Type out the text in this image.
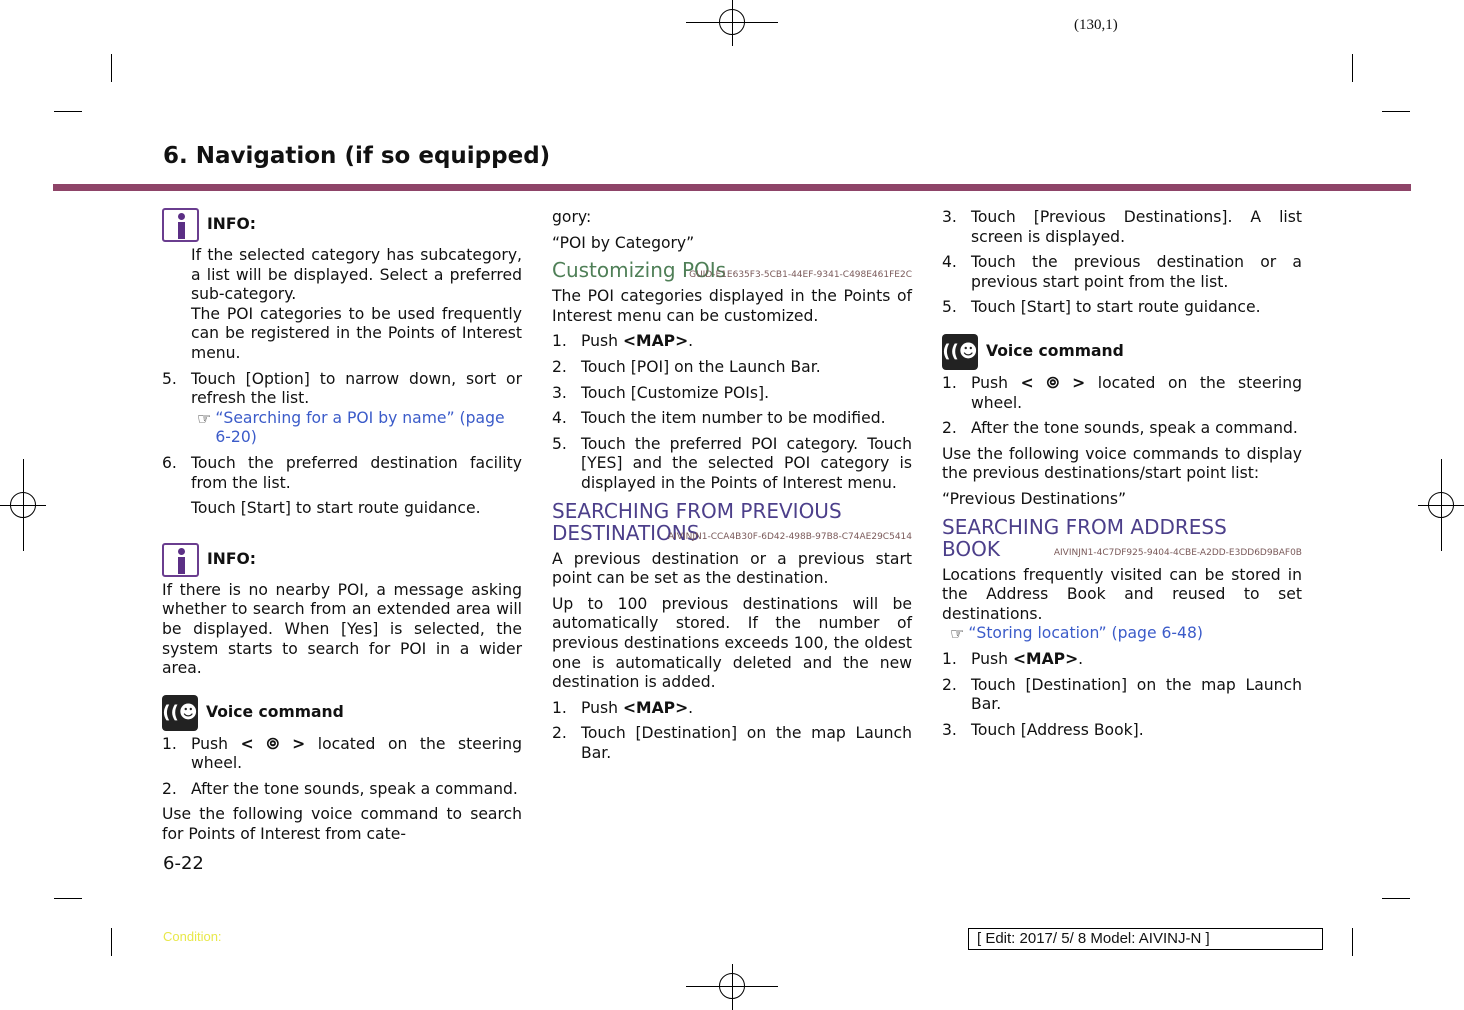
(130,1)
6. Navigation (if so equipped)
INFO:

If the selected category has subcategory, a list will be displayed. Select a preferred sub-category.

The POI categories to be used frequently can be registered in the Points of Interest menu.

5. Touch [Option] to narrow down, sort or refresh the list.
☞ “Searching for a POI by name” (page 6-20)
6. Touch the preferred destination facility from the list.

Touch [Start] to start route guidance.

INFO:

If there is no nearby POI, a message asking whether to search from an extended area will be displayed. When [Yes] is selected, the system starts to search for POI in a wider area.

((☻ Voice command
1. Push < ⦾ > located on the steering wheel.
2. After the tone sounds, speak a command.

Use the following voice command to search for Points of Interest from cate-

gory:

“POI by Category”

Customizing POIs
GUID-E1E635F3-5CB1-44EF-9341-C498E461FE2C

The POI categories displayed in the Points of Interest menu can be customized.

1. Push <MAP>.
2. Touch [POI] on the Launch Bar.
3. Touch [Customize POIs].
4. Touch the item number to be modified.
5. Touch the preferred POI category. Touch [YES] and the selected POI category is displayed in the Points of Interest menu.
SEARCHING FROM PREVIOUS DESTINATIONS
AIVINJN1-CCA4B30F-6D42-498B-97B8-C74AE29C5414

A previous destination or a previous start point can be set as the destination.

Up to 100 previous destinations will be automatically stored. If the number of previous destinations exceeds 100, the oldest one is automatically deleted and the new destination is added.

1. Push <MAP>.
2. Touch [Destination] on the map Launch Bar.
3. Touch [Previous Destinations]. A list screen is displayed.
4. Touch the previous destination or a previous start point from the list.
5. Touch [Start] to start route guidance.
((☻ Voice command
1. Push < ⦾ > located on the steering wheel.
2. After the tone sounds, speak a command.

Use the following voice commands to display the previous destinations/start point list:

“Previous Destinations”

SEARCHING FROM ADDRESS BOOK	AIVINJN1-4C7DF925-9404-4CBE-A2DD-E3DD6D9BAF0B

Locations frequently visited can be stored in the Address Book and reused to set destinations.

☞ “Storing location” (page 6-48)
1. Push <MAP>.
2. Touch [Destination] on the map Launch Bar.
3. Touch [Address Book].
6-22
Condition:	[ Edit: 2017/ 5/ 8 Model: AIVINJ-N ]
